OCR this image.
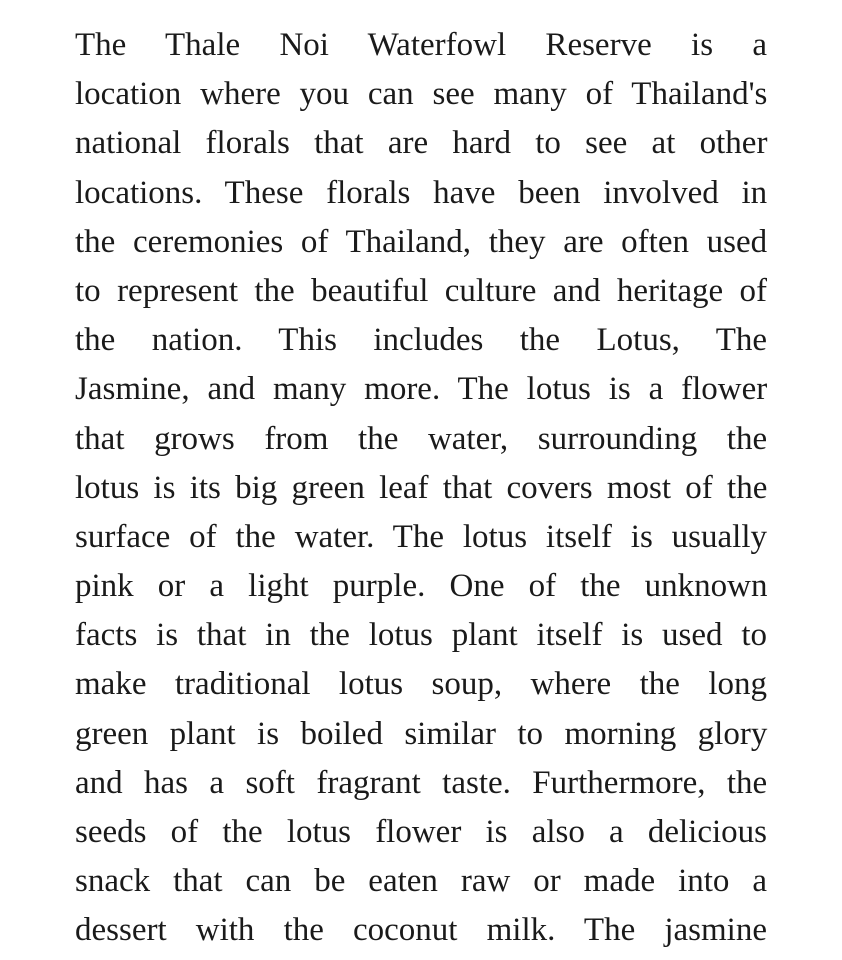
The Thale Noi Waterfowl Reserve is a
location where you can see many of Thailand's
national florals that are hard to see at other
locations. These florals have been involved in
the ceremonies of Thailand, they are often used
to represent the beautiful culture and heritage of
the nation. This includes the Lotus, The
Jasmine, and many more. The lotus is a flower
that grows from the water, surrounding the
lotus is its big green leaf that covers most of the
surface of the water. The lotus itself is usually
pink or a light purple. One of the unknown
facts is that in the lotus plant itself is used to
make traditional lotus soup, where the long
green plant is boiled similar to morning glory
and has a soft fragrant taste. Furthermore, the
seeds of the lotus flower is also a delicious
snack that can be eaten raw or made into a
dessert with the coconut milk. The jasmine
